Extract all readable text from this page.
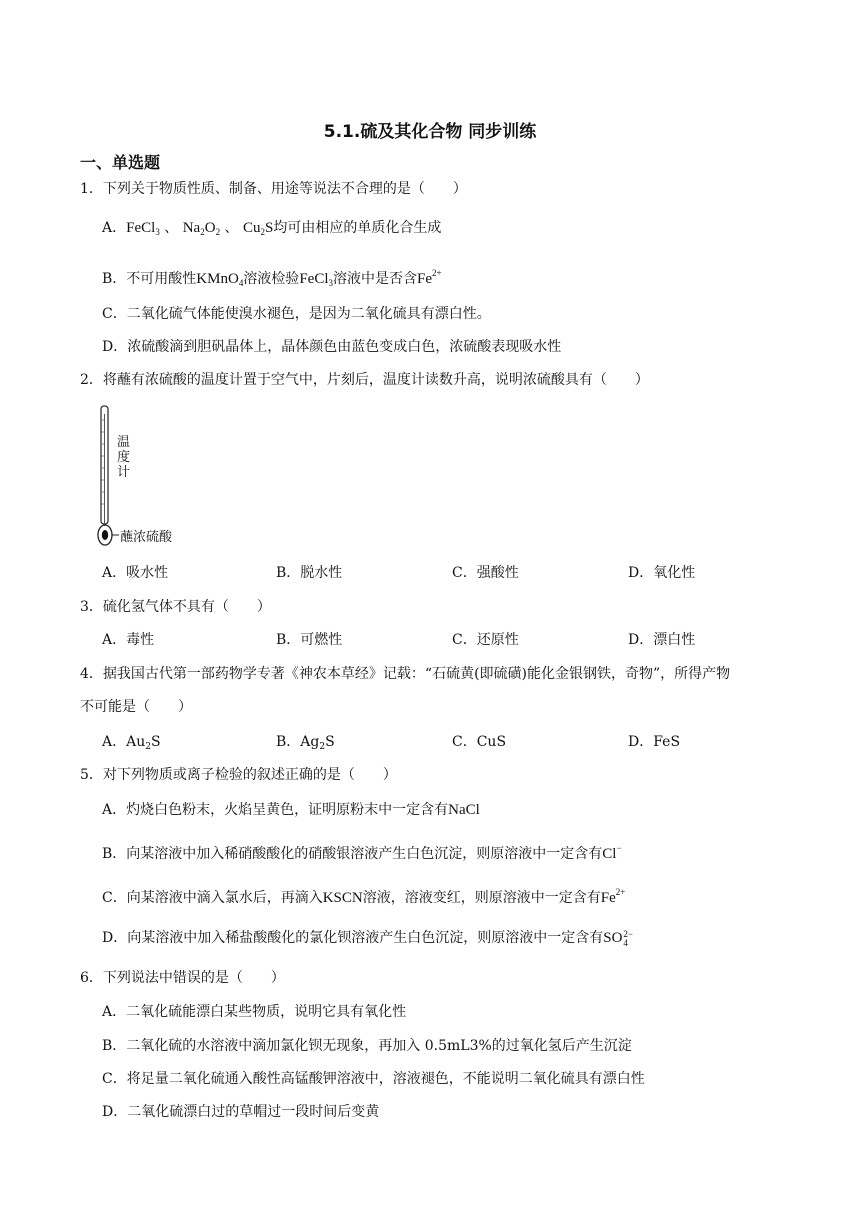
5.1.硫及其化合物 同步训练
一、单选题
1．下列关于物质性质、制备、用途等说法不合理的是（　　）
A．FeCl$_3$ 、 $Na_2O_2$ 、 $Cu_2S$均可由相应的单质化合生成
B．不可用酸性KMnO$_4$溶液检验FeCl$_3$溶液中是否含$Fe^{2+}$
C．二氧化硫气体能使溴水褪色，是因为二氧化硫具有漂白性。
D．浓硫酸滴到胆矾晶体上，晶体颜色由蓝色变成白色，浓硫酸表现吸水性
2．将蘸有浓硫酸的温度计置于空气中，片刻后，温度计读数升高，说明浓硫酸具有（　　）
温
度
计
蘸浓硫酸
A．吸水性	B．脱水性	C．强酸性	D．氧化性
3．硫化氢气体不具有（　　）
A．毒性	B．可燃性	C．还原性	D．漂白性
4．据我国古代第一部药物学专著《神农本草经》记载：“石硫黄(即硫磺)能化金银钢铁，奇物”，所得产物
不可能是（　　）
A．$Au_2S$	B．$Ag_2S$	C．CuS	D．FeS
5．对下列物质或离子检验的叙述正确的是（　　）
A．灼烧白色粉末，火焰呈黄色，证明原粉末中一定含有NaCl
B．向某溶液中加入稀硝酸酸化的硝酸银溶液产生白色沉淀，则原溶液中一定含有Cl−
C．向某溶液中滴入氯水后，再滴入KSCN溶液，溶液变红，则原溶液中一定含有$Fe^{2+}$
D．向某溶液中加入稀盐酸酸化的氯化钡溶液产生白色沉淀，则原溶液中一定含有SO 2−
4
6．下列说法中错误的是（　　）
A．二氧化硫能漂白某些物质，说明它具有氧化性
B．二氧化硫的水溶液中滴加氯化钡无现象，再加入 0.5mL3%的过氧化氢后产生沉淀
C．将足量二氧化硫通入酸性高锰酸钾溶液中，溶液褪色，不能说明二氧化硫具有漂白性
D．二氧化硫漂白过的草帽过一段时间后变黄
